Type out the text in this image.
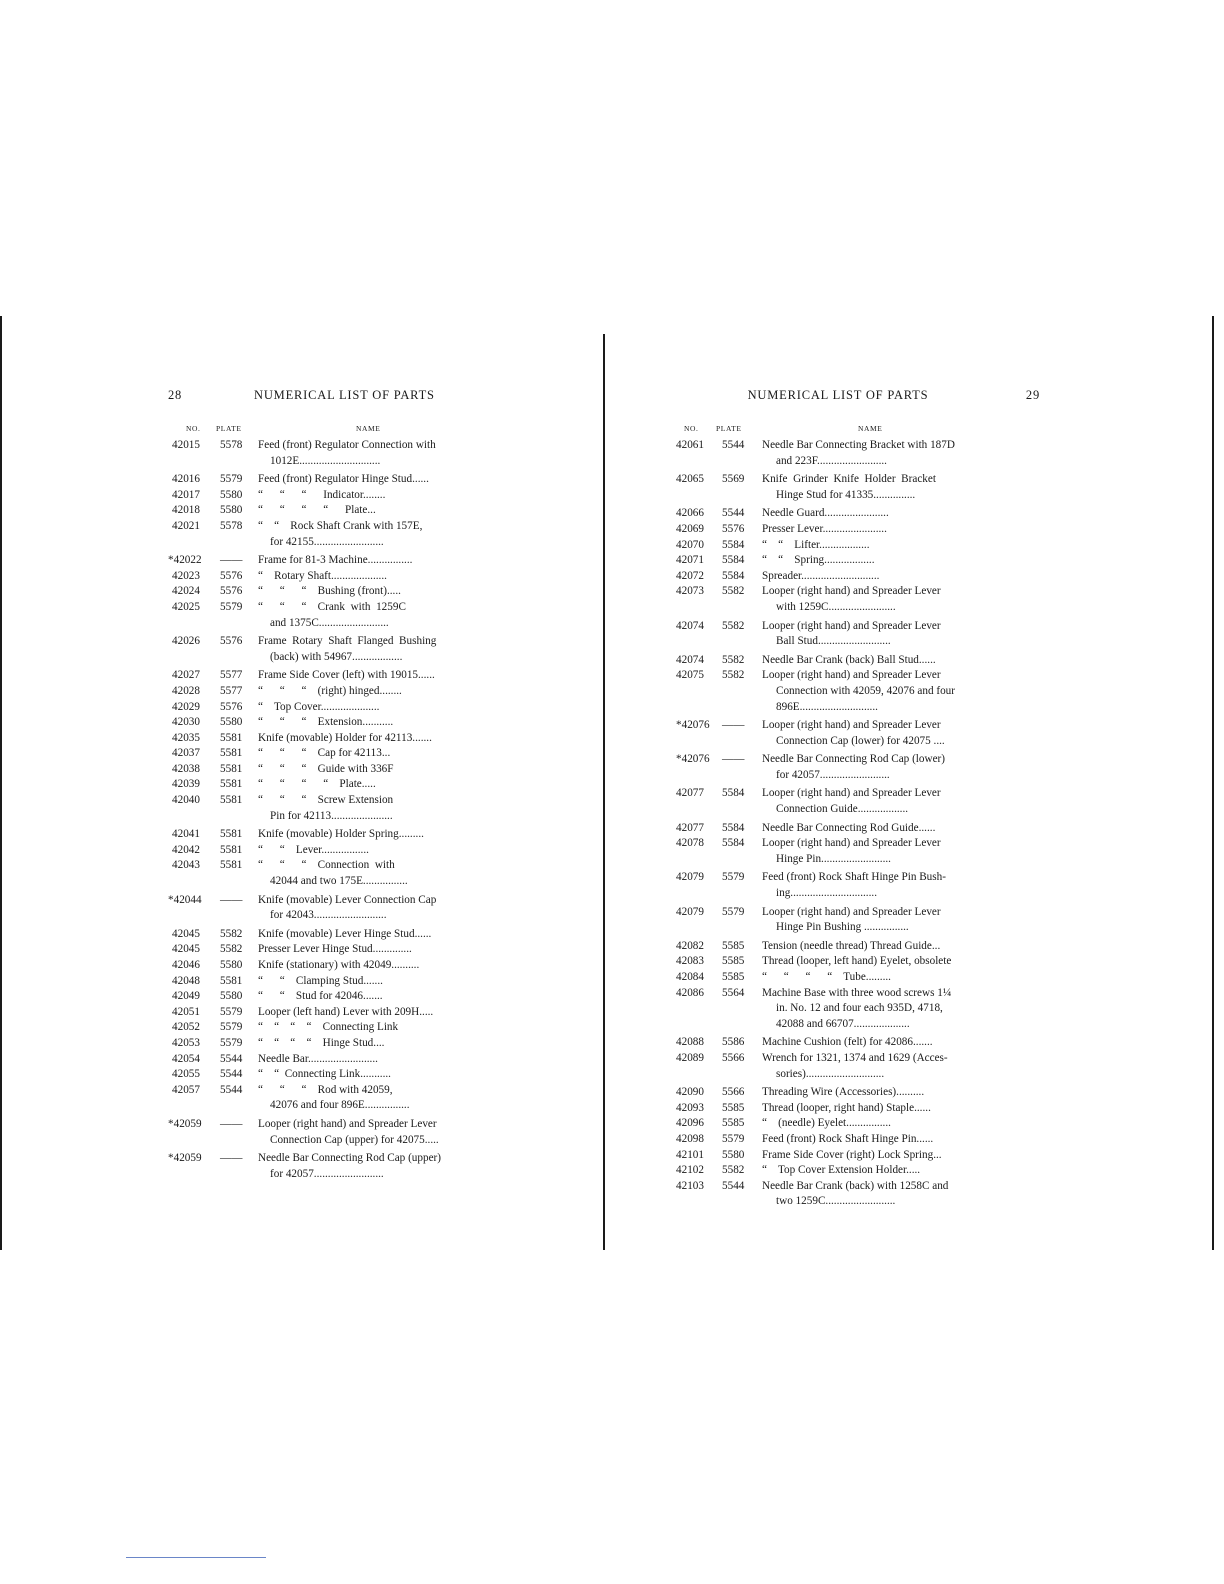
28	NUMERICAL LIST OF PARTS
NO. PLATE	NAME
42015 5578 Feed (front) Regulator Connection with
1012E.............................
42016 5579 Feed (front) Regulator Hinge Stud......
42017 5580 “      “      “      Indicator........
42018 5580 “      “      “      “      Plate...
42021 5578 “    “    Rock Shaft Crank with 157E,
for 42155.........................
*42022 —— Frame for 81-3 Machine................
42023 5576 “    Rotary Shaft....................
42024 5576 “      “      “    Bushing (front).....
42025 5579 “      “      “    Crank  with  1259C
and 1375C.........................
42026 5576 Frame  Rotary  Shaft  Flanged  Bushing
(back) with 54967..................
42027 5577 Frame Side Cover (left) with 19015......
42028 5577 “      “      “    (right) hinged........
42029 5576 “    Top Cover.....................
42030 5580 “      “      “    Extension...........
42035 5581 Knife (movable) Holder for 42113.......
42037 5581 “      “      “    Cap for 42113...
42038 5581 “      “      “    Guide with 336F
42039 5581 “      “      “      “    Plate.....
42040 5581 “      “      “    Screw Extension
Pin for 42113......................
42041 5581 Knife (movable) Holder Spring.........
42042 5581 “      “    Lever.................
42043 5581 “      “      “    Connection  with
42044 and two 175E................
*42044 —— Knife (movable) Lever Connection Cap
for 42043..........................
42045 5582 Knife (movable) Lever Hinge Stud......
42045 5582 Presser Lever Hinge Stud..............
42046 5580 Knife (stationary) with 42049..........
42048 5581 “      “    Clamping Stud.......
42049 5580 “      “    Stud for 42046.......
42051 5579 Looper (left hand) Lever with 209H.....
42052 5579 “    “    “    “    Connecting Link
42053 5579 “    “    “    “    Hinge Stud....
42054 5544 Needle Bar.........................
42055 5544 “    “  Connecting Link...........
42057 5544 “      “      “    Rod with 42059,
42076 and four 896E................
*42059 —— Looper (right hand) and Spreader Lever
Connection Cap (upper) for 42075.....
*42059 —— Needle Bar Connecting Rod Cap (upper)
for 42057.........................
NUMERICAL LIST OF PARTS	29
NO. PLATE	NAME
42061 5544 Needle Bar Connecting Bracket with 187D
and 223F.........................
42065 5569 Knife  Grinder  Knife  Holder  Bracket
Hinge Stud for 41335...............
42066 5544 Needle Guard.......................
42069 5576 Presser Lever.......................
42070 5584 “    “    Lifter..................
42071 5584 “    “    Spring..................
42072 5584 Spreader............................
42073 5582 Looper (right hand) and Spreader Lever
with 1259C........................
42074 5582 Looper (right hand) and Spreader Lever
Ball Stud..........................
42074 5582 Needle Bar Crank (back) Ball Stud......
42075 5582 Looper (right hand) and Spreader Lever
Connection with 42059, 42076 and four
896E............................
*42076 —— Looper (right hand) and Spreader Lever
Connection Cap (lower) for 42075 ....
*42076 —— Needle Bar Connecting Rod Cap (lower)
for 42057.........................
42077 5584 Looper (right hand) and Spreader Lever
Connection Guide..................
42077 5584 Needle Bar Connecting Rod Guide......
42078 5584 Looper (right hand) and Spreader Lever
Hinge Pin.........................
42079 5579 Feed (front) Rock Shaft Hinge Pin Bush-
ing...............................
42079 5579 Looper (right hand) and Spreader Lever
Hinge Pin Bushing ................
42082 5585 Tension (needle thread) Thread Guide...
42083 5585 Thread (looper, left hand) Eyelet, obsolete
42084 5585 “      “      “      “    Tube.........
42086 5564 Machine Base with three wood screws 1¼
in. No. 12 and four each 935D, 4718,
42088 and 66707....................
42088 5586 Machine Cushion (felt) for 42086.......
42089 5566 Wrench for 1321, 1374 and 1629 (Acces-
sories)............................
42090 5566 Threading Wire (Accessories)..........
42093 5585 Thread (looper, right hand) Staple......
42096 5585 “    (needle) Eyelet................
42098 5579 Feed (front) Rock Shaft Hinge Pin......
42101 5580 Frame Side Cover (right) Lock Spring...
42102 5582 “    Top Cover Extension Holder.....
42103 5544 Needle Bar Crank (back) with 1258C and
two 1259C.........................
